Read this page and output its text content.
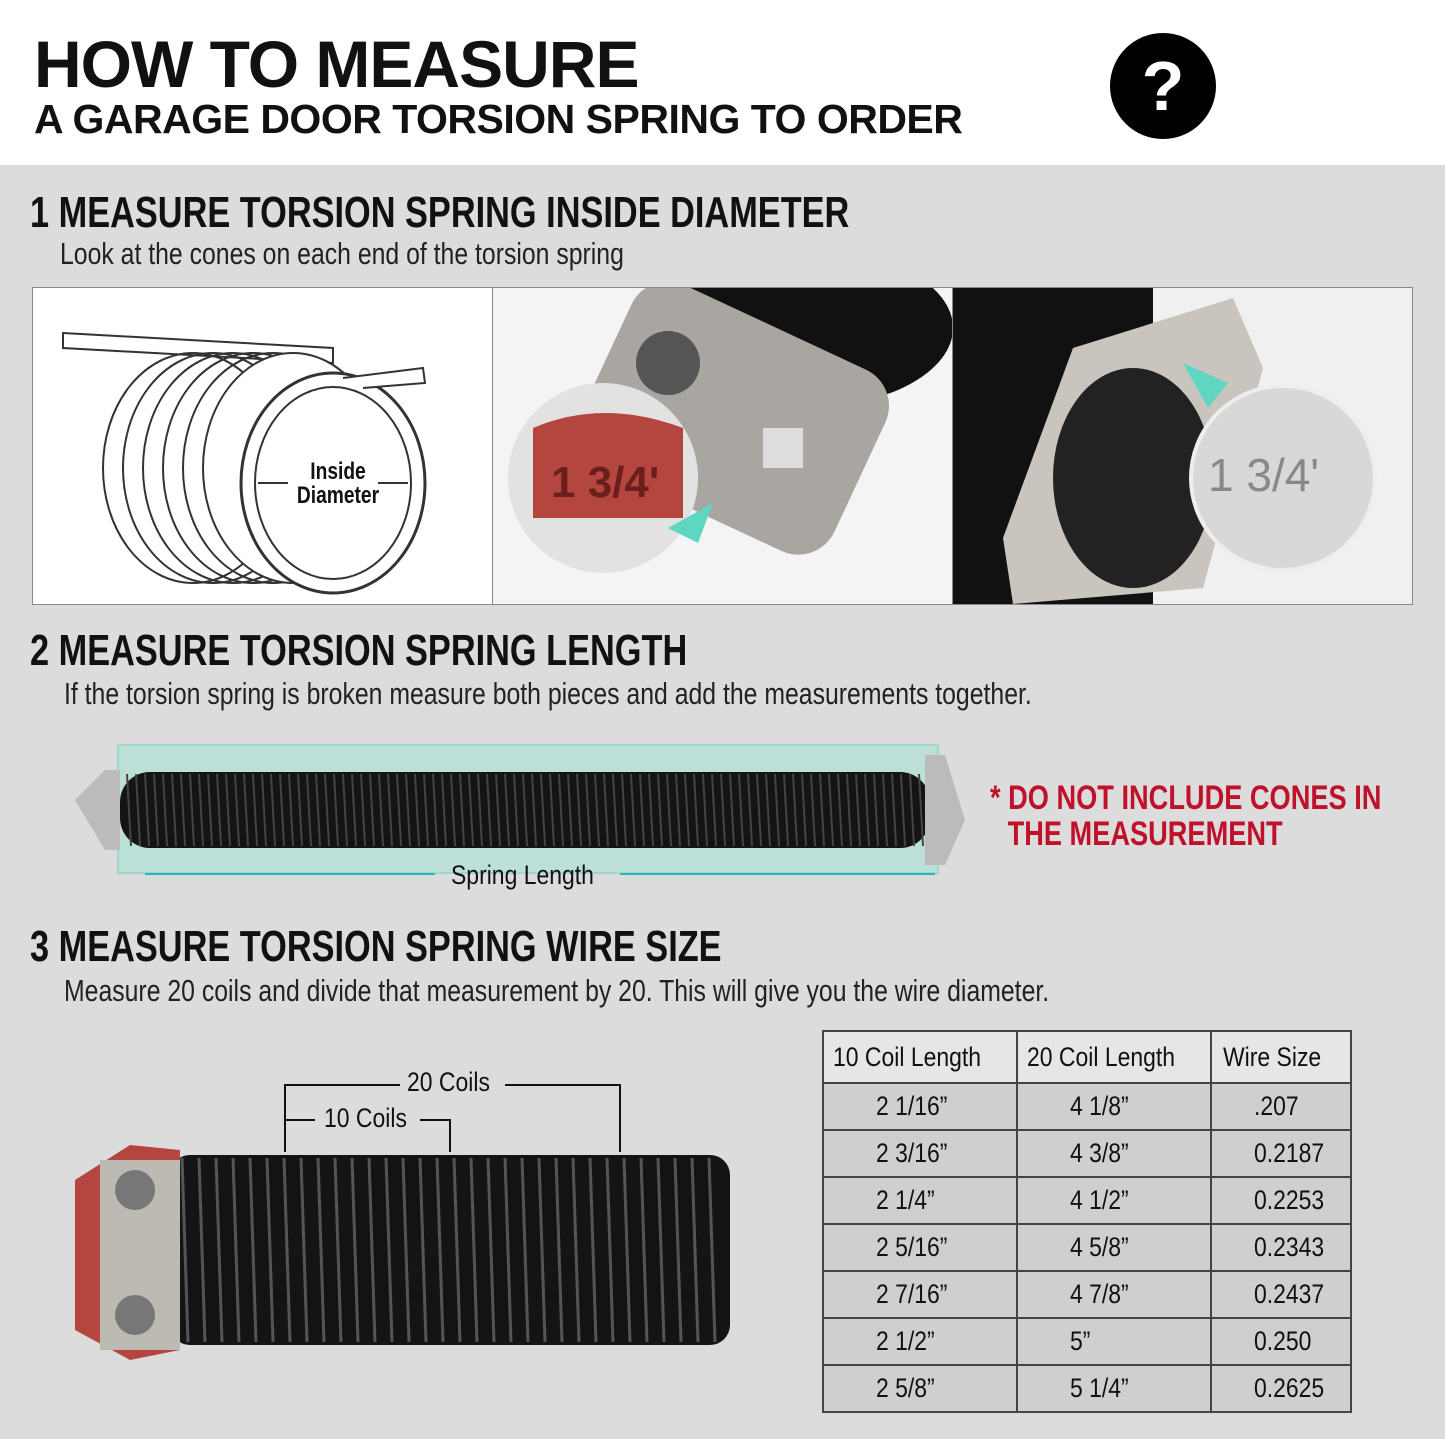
HOW TO MEASURE
A GARAGE DOOR TORSION SPRING TO ORDER	?
1 MEASURE TORSION SPRING INSIDE DIAMETER
Look at the cones on each end of the torsion spring
Inside Diameter	1 3/4'	1 3/4'
2 MEASURE TORSION SPRING LENGTH
If the torsion spring is broken measure both pieces and add the measurements together.
Spring Length
* DO NOT INCLUDE CONES IN
THE MEASUREMENT
3 MEASURE TORSION SPRING WIRE SIZE
Measure 20 coils and divide that measurement by 20. This will give you the wire diameter.
20 Coils
10 Coils
10 Coil Length	20 Coil Length	Wire Size
2 1/16”	4 1/8”	.207
2 3/16”	4 3/8”	0.2187
2 1/4”	4 1/2”	0.2253
2 5/16”	4 5/8”	0.2343
2 7/16”	4 7/8”	0.2437
2 1/2”	5”	0.250
2 5/8”	5 1/4”	0.2625
